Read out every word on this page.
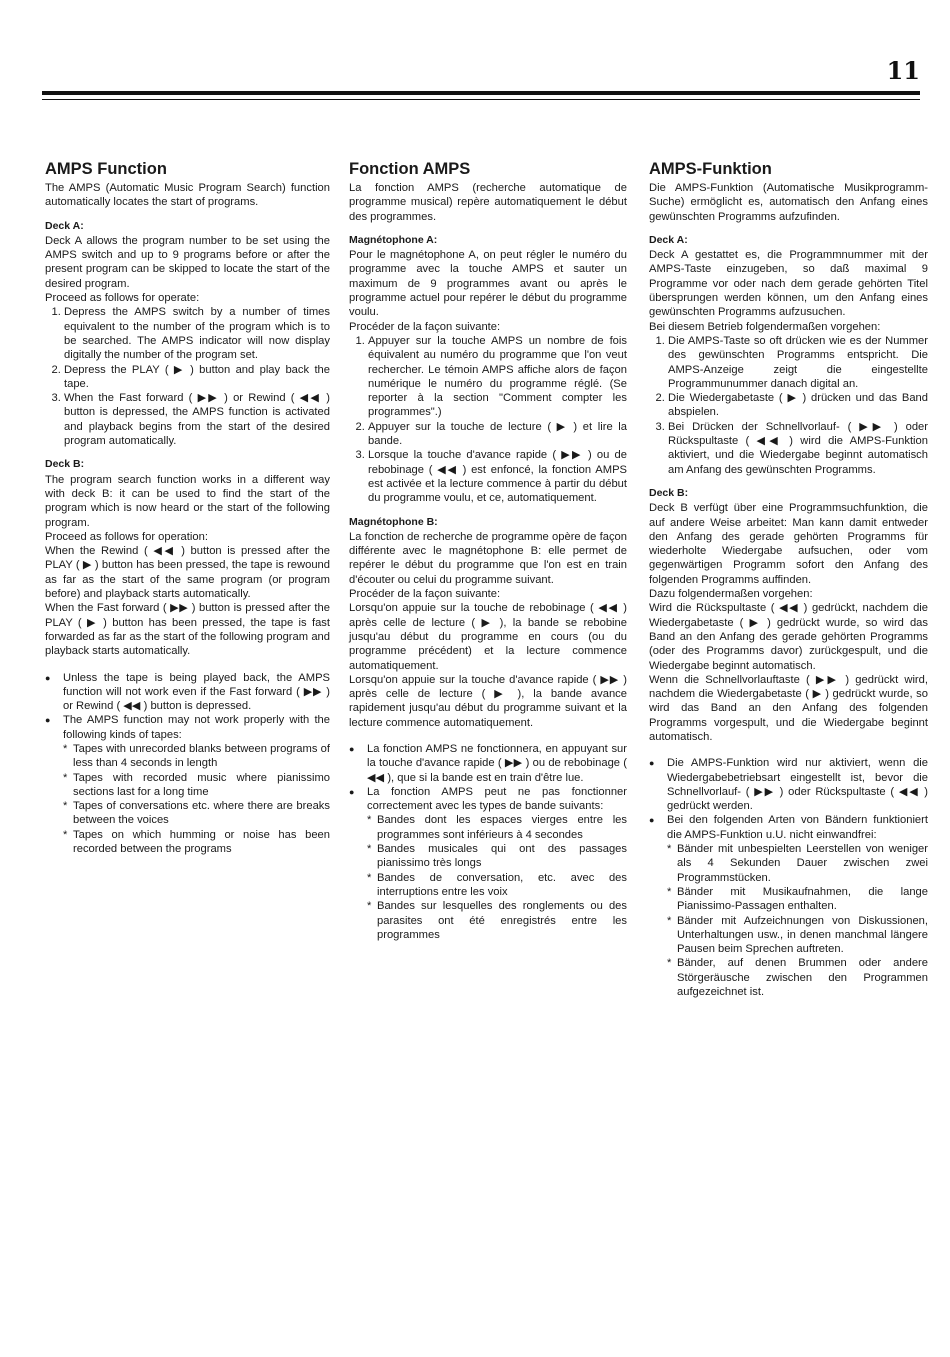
11
AMPS Function

The AMPS (Automatic Music Program Search) function automatically locates the start of programs.

Deck A:

Deck A allows the program number to be set using the AMPS switch and up to 9 programs before or after the present program can be skipped to locate the start of the desired program.

Proceed as follows for operate:

1. Depress the AMPS switch by a number of times equivalent to the number of the program which is to be searched. The AMPS indicator will now display digitally the number of the program set.
2. Depress the PLAY ( ▶ ) button and play back the tape.
3. When the Fast forward ( ▶▶ ) or Rewind ( ◀◀ ) button is depressed, the AMPS function is activated and playback begins from the start of the desired program automatically.
Deck B:

The program search function works in a different way with deck B: it can be used to find the start of the program which is now heard or the start of the following program.

Proceed as follows for operation:

When the Rewind ( ◀◀ ) button is pressed after the PLAY ( ▶ ) button has been pressed, the tape is rewound as far as the start of the same program (or program before) and playback starts automatically.

When the Fast forward ( ▶▶ ) button is pressed after the PLAY ( ▶ ) button has been pressed, the tape is fast forwarded as far as the start of the following program and playback starts automatically.

● Unless the tape is being played back, the AMPS function will not work even if the Fast forward ( ▶▶ ) or Rewind ( ◀◀ ) button is depressed.
● The AMPS function may not work properly with the following kinds of tapes:
* Tapes with unrecorded blanks between programs of less than 4 seconds in length
* Tapes with recorded music where pianissimo sections last for a long time
* Tapes of conversations etc. where there are breaks between the voices
* Tapes on which humming or noise has been recorded between the programs
Fonction AMPS

La fonction AMPS (recherche automatique de programme musical) repère automatiquement le début des programmes.

Magnétophone A:

Pour le magnétophone A, on peut régler le numéro du programme avec la touche AMPS et sauter un maximum de 9 programmes avant ou après le programme actuel pour repérer le début du programme voulu.

Procéder de la façon suivante:

1. Appuyer sur la touche AMPS un nombre de fois équivalent au numéro du programme que l'on veut rechercher. Le témoin AMPS affiche alors de façon numérique le numéro du programme réglé. (Se reporter à la section "Comment compter les programmes".)
2. Appuyer sur la touche de lecture ( ▶ ) et lire la bande.
3. Lorsque la touche d'avance rapide ( ▶▶ ) ou de rebobinage ( ◀◀ ) est enfoncé, la fonction AMPS est activée et la lecture commence à partir du début du programme voulu, et ce, automatiquement.
Magnétophone B:

La fonction de recherche de programme opère de façon différente avec le magnétophone B: elle permet de repérer le début du programme que l'on est en train d'écouter ou celui du programme suivant.

Procéder de la façon suivante:

Lorsqu'on appuie sur la touche de rebobinage ( ◀◀ ) après celle de lecture ( ▶ ), la bande se rebobine jusqu'au début du programme en cours (ou du programme précédent) et la lecture commence automatiquement.

Lorsqu'on appuie sur la touche d'avance rapide ( ▶▶ ) après celle de lecture ( ▶ ), la bande avance rapidement jusqu'au début du programme suivant et la lecture commence automatiquement.

● La fonction AMPS ne fonctionnera, en appuyant sur la touche d'avance rapide ( ▶▶ ) ou de rebobinage ( ◀◀ ), que si la bande est en train d'être lue.
● La fonction AMPS peut ne pas fonctionner correctement avec les types de bande suivants:
* Bandes dont les espaces vierges entre les programmes sont inférieurs à 4 secondes
* Bandes musicales qui ont des passages pianissimo très longs
* Bandes de conversation, etc. avec des interruptions entre les voix
* Bandes sur lesquelles des ronglements ou des parasites ont été enregistrés entre les programmes
AMPS-Funktion

Die AMPS-Funktion (Automatische Musikprogramm-Suche) ermöglicht es, automatisch den Anfang eines gewünschten Programms aufzufinden.

Deck A:

Deck A gestattet es, die Programmnummer mit der AMPS-Taste einzugeben, so daß maximal 9 Programme vor oder nach dem gerade gehörten Titel übersprungen werden können, um den Anfang eines gewünschten Programms aufzusuchen.

Bei diesem Betrieb folgendermaßen vorgehen:

1. Die AMPS-Taste so oft drücken wie es der Nummer des gewünschten Programms entspricht. Die AMPS-Anzeige zeigt die eingestellte Programmunummer danach digital an.
2. Die Wiedergabetaste ( ▶ ) drücken und das Band abspielen.
3. Bei Drücken der Schnellvorlauf- ( ▶▶ ) oder Rückspultaste ( ◀◀ ) wird die AMPS-Funktion aktiviert, und die Wiedergabe beginnt automatisch am Anfang des gewünschten Programms.
Deck B:

Deck B verfügt über eine Programmsuchfunktion, die auf andere Weise arbeitet: Man kann damit entweder den Anfang des gerade gehörten Programms für wiederholte Wiedergabe aufsuchen, oder vom gegenwärtigen Programm sofort den Anfang des folgenden Programms auffinden.

Dazu folgendermaßen vorgehen:

Wird die Rückspultaste ( ◀◀ ) gedrückt, nachdem die Wiedergabetaste ( ▶ ) gedrückt wurde, so wird das Band an den Anfang des gerade gehörten Programms (oder des Programms davor) zurückgespult, und die Wiedergabe beginnt automatisch.

Wenn die Schnellvorlauftaste ( ▶▶ ) gedrückt wird, nachdem die Wiedergabetaste ( ▶ ) gedrückt wurde, so wird das Band an den Anfang des folgenden Programms vorgespult, und die Wiedergabe beginnt automatisch.

● Die AMPS-Funktion wird nur aktiviert, wenn die Wiedergabebetriebsart eingestellt ist, bevor die Schnellvorlauf- ( ▶▶ ) oder Rückspultaste ( ◀◀ ) gedrückt werden.
● Bei den folgenden Arten von Bändern funktioniert die AMPS-Funktion u.U. nicht einwandfrei:
* Bänder mit unbespielten Leerstellen von weniger als 4 Sekunden Dauer zwischen zwei Programmstücken.
* Bänder mit Musikaufnahmen, die lange Pianissimo-Passagen enthalten.
* Bänder mit Aufzeichnungen von Diskussionen, Unterhaltungen usw., in denen manchmal längere Pausen beim Sprechen auftreten.
* Bänder, auf denen Brummen oder andere Störgeräusche zwischen den Programmen aufgezeichnet ist.
